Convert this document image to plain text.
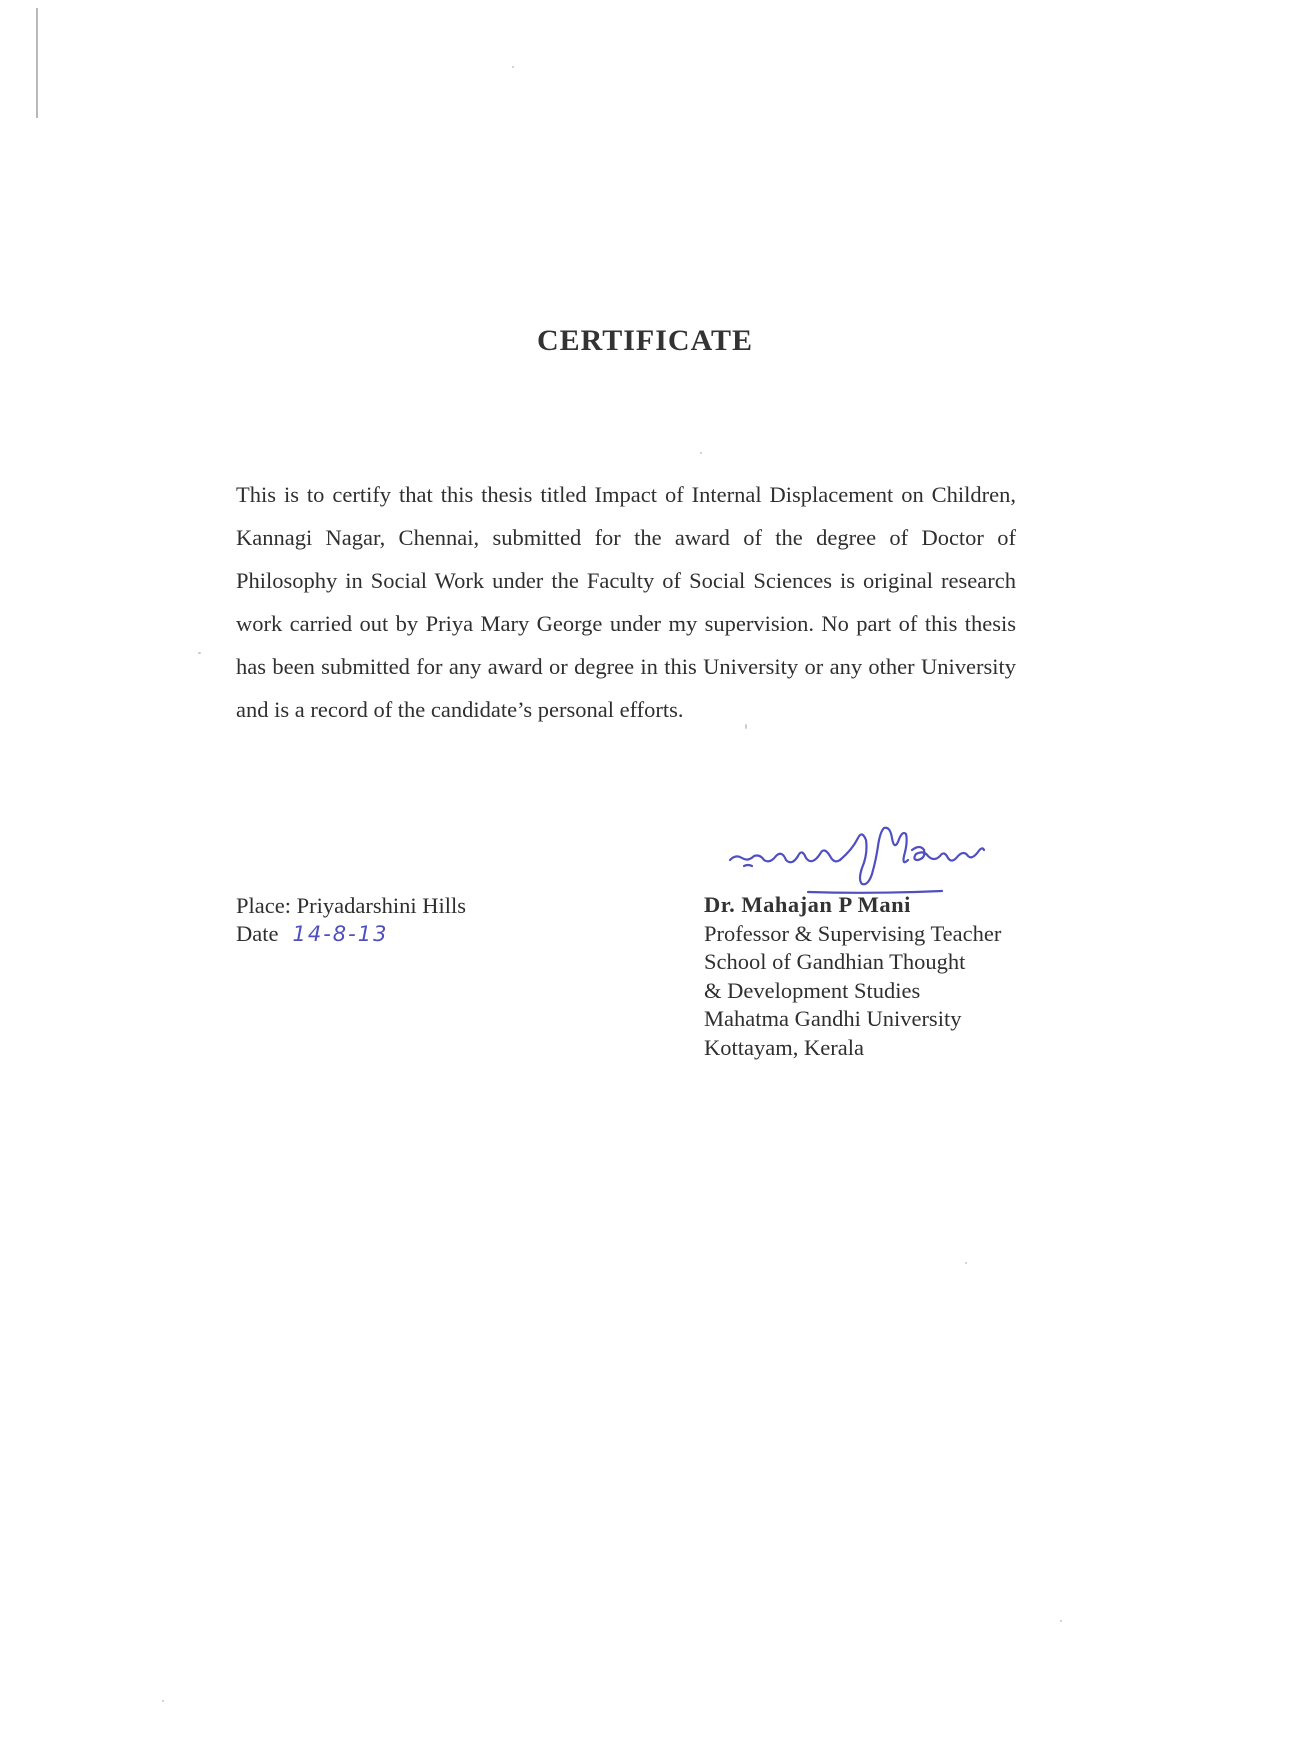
CERTIFICATE

This is to certify that this thesis titled Impact of Internal Displacement on Children, Kannagi Nagar, Chennai, submitted for the award of the degree of Doctor of Philosophy in Social Work under the Faculty of Social Sciences is original research work carried out by Priya Mary George under my supervision. No part of this thesis has been submitted for any award or degree in this University or any other University and is a record of the candidate’s personal efforts.

Place: Priyadarshini Hills
Date 14-8-13
Dr. Mahajan P Mani
Professor & Supervising Teacher
School of Gandhian Thought
& Development Studies
Mahatma Gandhi University
Kottayam, Kerala
